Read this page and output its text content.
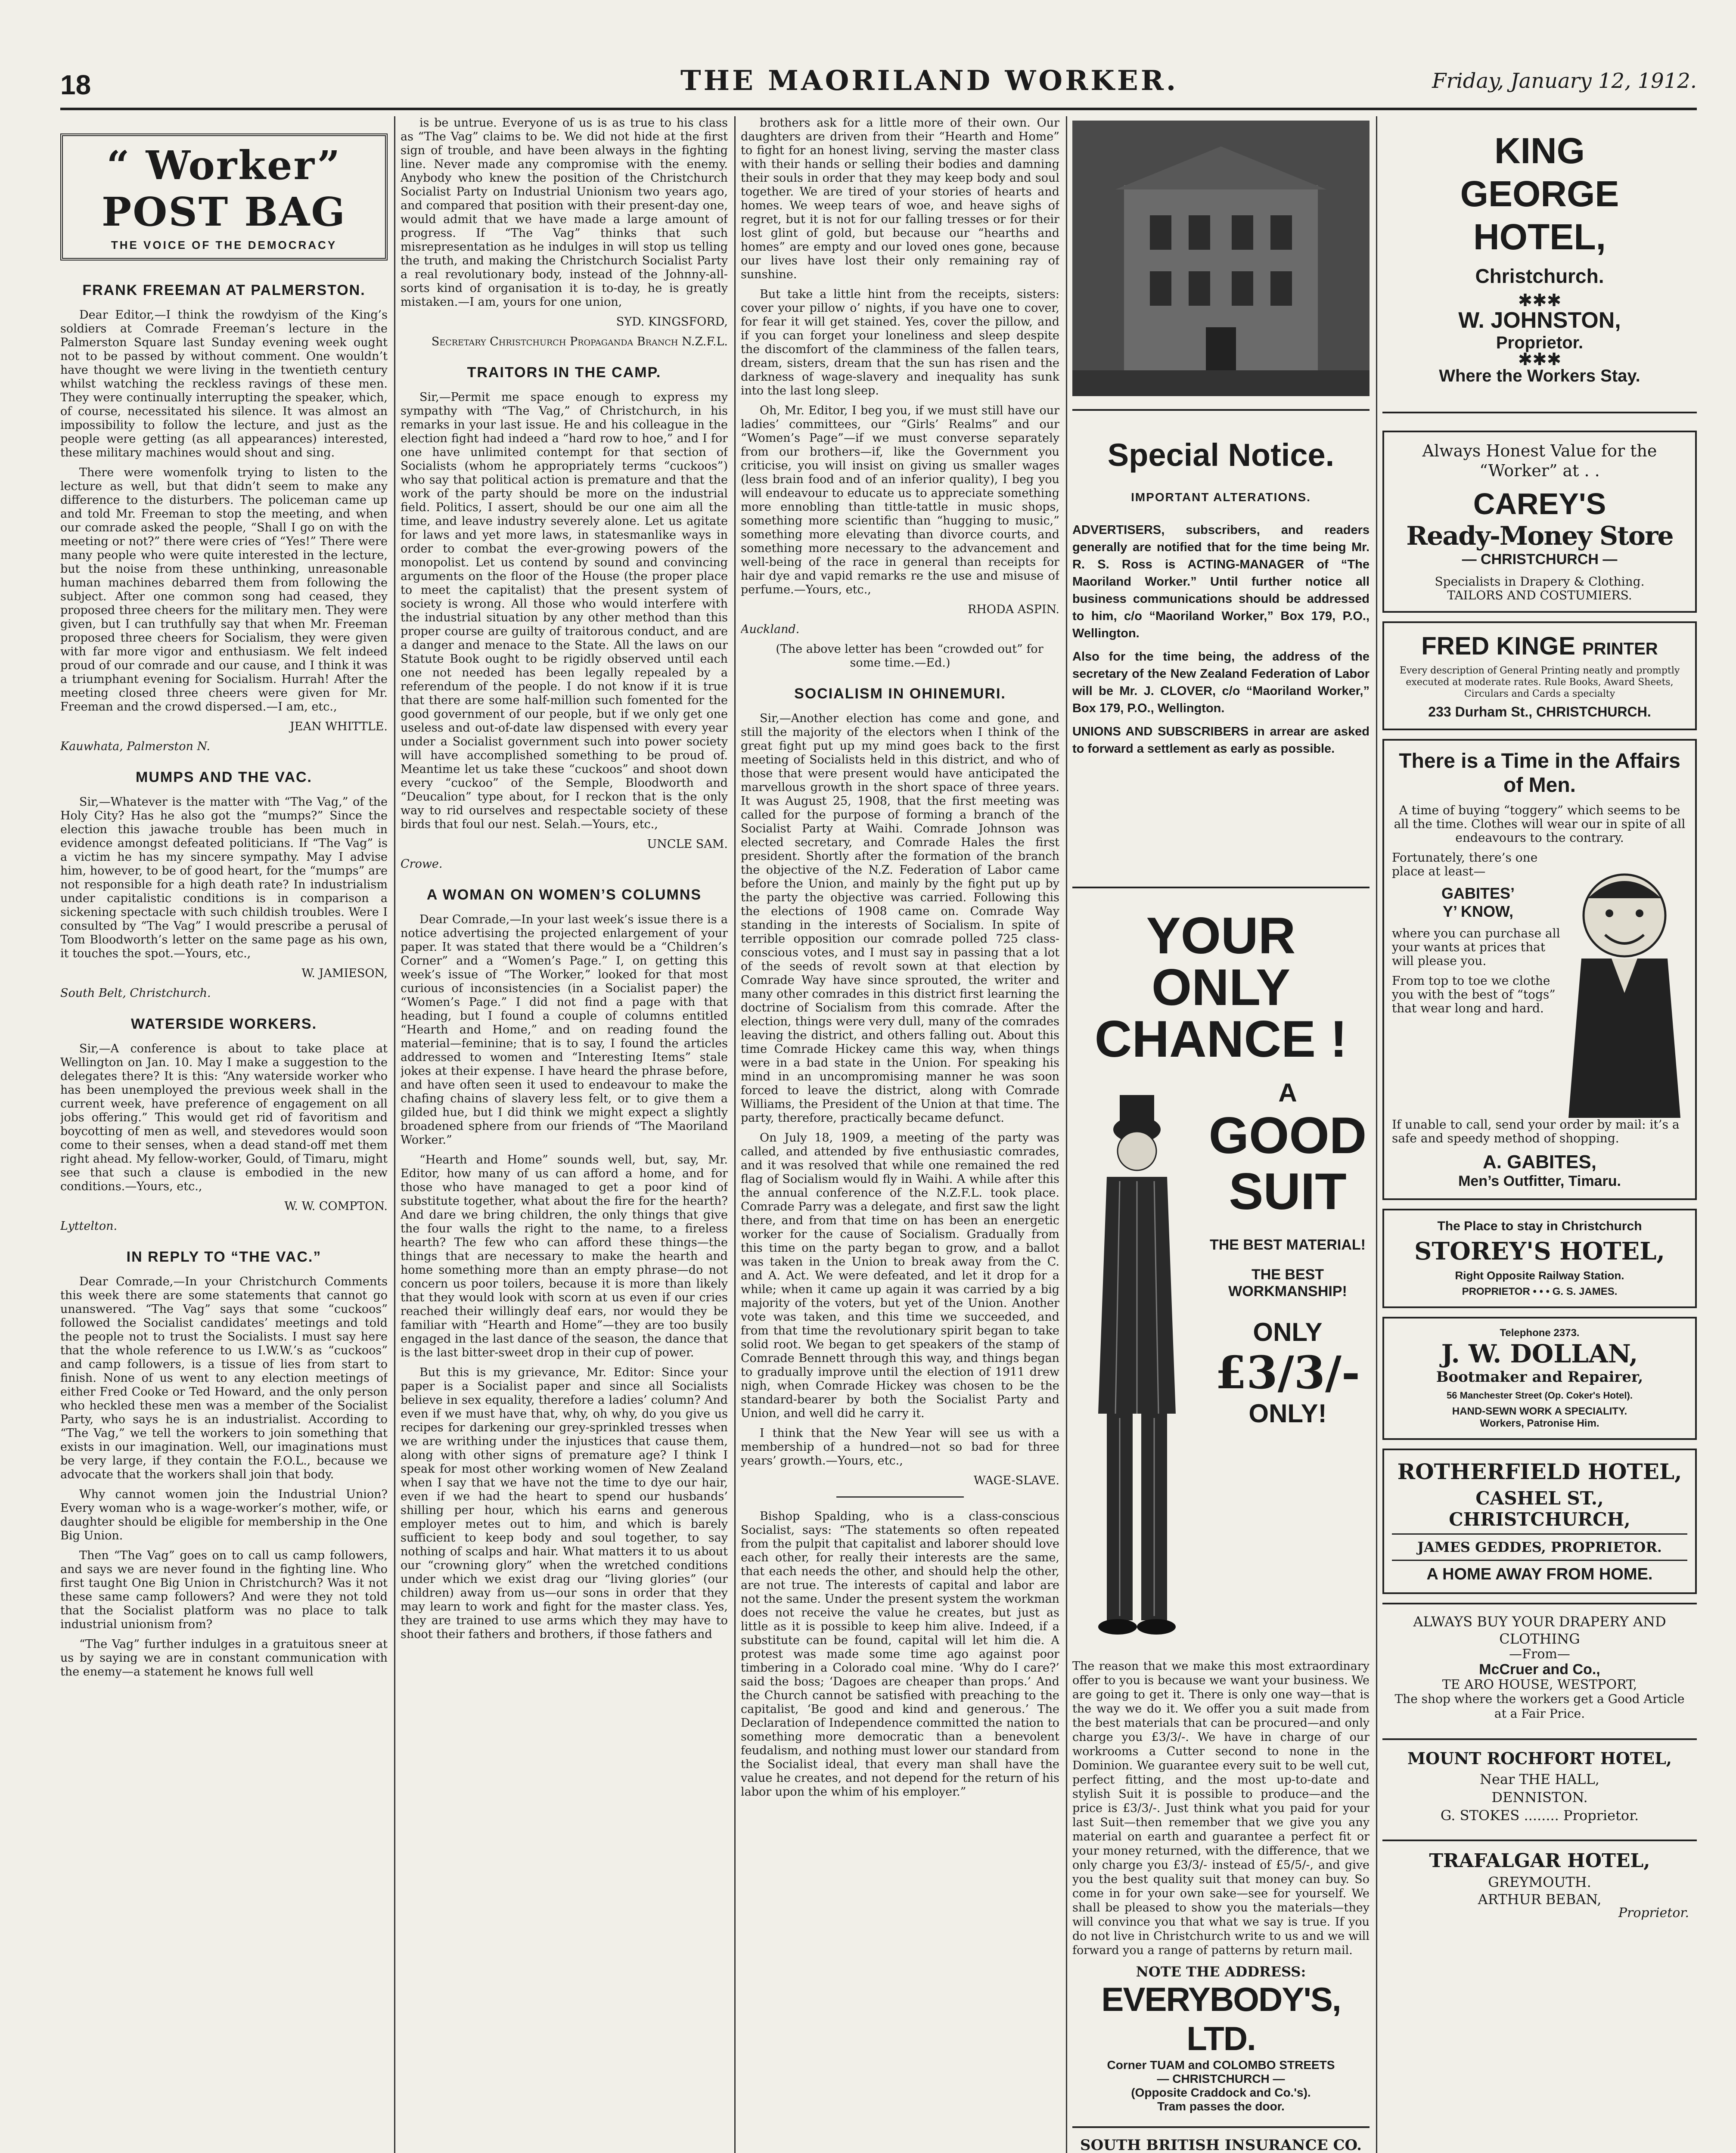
18	THE MAORILAND WORKER.	Friday, January 12, 1912.
“ Worker” POST BAG
THE VOICE OF THE DEMOCRACY
FRANK FREEMAN AT PALMERSTON.

Dear Editor,—I think the rowdyism of the King’s soldiers at Comrade Freeman’s lecture in the Palmerston Square last Sunday evening week ought not to be passed by without comment. One wouldn’t have thought we were living in the twentieth century whilst watching the reckless ravings of these men. They were continually interrupting the speaker, which, of course, necessitated his silence. It was almost an impossibility to follow the lecture, and just as the people were getting (as all appearances) interested, these military machines would shout and sing.

There were womenfolk trying to listen to the lecture as well, but that didn’t seem to make any difference to the disturbers. The policeman came up and told Mr. Freeman to stop the meeting, and when our comrade asked the people, “Shall I go on with the meeting or not?” there were cries of “Yes!” There were many people who were quite interested in the lecture, but the noise from these unthinking, unreasonable human machines debarred them from following the subject. After one common song had ceased, they proposed three cheers for the military men. They were given, but I can truthfully say that when Mr. Freeman proposed three cheers for Socialism, they were given with far more vigor and enthusiasm. We felt indeed proud of our comrade and our cause, and I think it was a triumphant evening for Socialism. Hurrah! After the meeting closed three cheers were given for Mr. Freeman and the crowd dispersed.—I am, etc.,

JEAN WHITTLE.

Kauwhata, Palmerston N.

MUMPS AND THE VAC.

Sir,—Whatever is the matter with “The Vag,” of the Holy City? Has he also got the “mumps?” Since the election this jawache trouble has been much in evidence amongst defeated politicians. If “The Vag” is a victim he has my sincere sympathy. May I advise him, however, to be of good heart, for the “mumps” are not responsible for a high death rate? In industrialism under capitalistic conditions is in comparison a sickening spectacle with such childish troubles. Were I consulted by “The Vag” I would prescribe a perusal of Tom Bloodworth’s letter on the same page as his own, it touches the spot.—Yours, etc.,

W. JAMIESON,

South Belt, Christchurch.

WATERSIDE WORKERS.

Sir,—A conference is about to take place at Wellington on Jan. 10. May I make a suggestion to the delegates there? It is this: “Any waterside worker who has been unemployed the previous week shall in the current week, have preference of engagement on all jobs offering.” This would get rid of favoritism and boycotting of men as well, and stevedores would soon come to their senses, when a dead stand-off met them right ahead. My fellow-worker, Gould, of Timaru, might see that such a clause is embodied in the new conditions.—Yours, etc.,

W. W. COMPTON.

Lyttelton.

IN REPLY TO “THE VAC.”

Dear Comrade,—In your Christchurch Comments this week there are some statements that cannot go unanswered. “The Vag” says that some “cuckoos” followed the Socialist candidates’ meetings and told the people not to trust the Socialists. I must say here that the whole reference to us I.W.W.’s as “cuckoos” and camp followers, is a tissue of lies from start to finish. None of us went to any election meetings of either Fred Cooke or Ted Howard, and the only person who heckled these men was a member of the Socialist Party, who says he is an industrialist. According to “The Vag,” we tell the workers to join something that exists in our imagination. Well, our imaginations must be very large, if they contain the F.O.L., because we advocate that the workers shall join that body.

Why cannot women join the Industrial Union? Every woman who is a wage-worker’s mother, wife, or daughter should be eligible for membership in the One Big Union.

Then “The Vag” goes on to call us camp followers, and says we are never found in the fighting line. Who first taught One Big Union in Christchurch? Was it not these same camp followers? And were they not told that the Socialist platform was no place to talk industrial unionism from?

“The Vag” further indulges in a gratuitous sneer at us by saying we are in constant communication with the enemy—a statement he knows full well

is be untrue. Everyone of us is as true to his class as “The Vag” claims to be. We did not hide at the first sign of trouble, and have been always in the fighting line. Never made any compromise with the enemy. Anybody who knew the position of the Christchurch Socialist Party on Industrial Unionism two years ago, and compared that position with their present-day one, would admit that we have made a large amount of progress. If “The Vag” thinks that such misrepresentation as he indulges in will stop us telling the truth, and making the Christchurch Socialist Party a real revolutionary body, instead of the Johnny-all-sorts kind of organisation it is to-day, he is greatly mistaken.—I am, yours for one union,

SYD. KINGSFORD,

Secretary Christchurch Propaganda Branch N.Z.F.L.

TRAITORS IN THE CAMP.

Sir,—Permit me space enough to express my sympathy with “The Vag,” of Christchurch, in his remarks in your last issue. He and his colleague in the election fight had indeed a “hard row to hoe,” and I for one have unlimited contempt for that section of Socialists (whom he appropriately terms “cuckoos”) who say that political action is premature and that the work of the party should be more on the industrial field. Politics, I assert, should be our one aim all the time, and leave industry severely alone. Let us agitate for laws and yet more laws, in statesmanlike ways in order to combat the ever-growing powers of the monopolist. Let us contend by sound and convincing arguments on the floor of the House (the proper place to meet the capitalist) that the present system of society is wrong. All those who would interfere with the industrial situation by any other method than this proper course are guilty of traitorous conduct, and are a danger and menace to the State. All the laws on our Statute Book ought to be rigidly observed until each one not needed has been legally repealed by a referendum of the people. I do not know if it is true that there are some half-million such fomented for the good government of our people, but if we only get one useless and out-of-date law dispensed with every year under a Socialist government such into power society will have accomplished something to be proud of. Meantime let us take these “cuckoos” and shoot down every “cuckoo” of the Semple, Bloodworth and “Deucalion” type about, for I reckon that is the only way to rid ourselves and respectable society of these birds that foul our nest. Selah.—Yours, etc.,

UNCLE SAM.

Crowe.

A WOMAN ON WOMEN’S COLUMNS

Dear Comrade,—In your last week’s issue there is a notice advertising the projected enlargement of your paper. It was stated that there would be a “Children’s Corner” and a “Women’s Page.” I, on getting this week’s issue of “The Worker,” looked for that most curious of inconsistencies (in a Socialist paper) the “Women’s Page.” I did not find a page with that heading, but I found a couple of columns entitled “Hearth and Home,” and on reading found the material—feminine; that is to say, I found the articles addressed to women and “Interesting Items” stale jokes at their expense. I have heard the phrase before, and have often seen it used to endeavour to make the chafing chains of slavery less felt, or to give them a gilded hue, but I did think we might expect a slightly broadened sphere from our friends of “The Maoriland Worker.”

“Hearth and Home” sounds well, but, say, Mr. Editor, how many of us can afford a home, and for those who have managed to get a poor kind of substitute together, what about the fire for the hearth? And dare we bring children, the only things that give the four walls the right to the name, to a fireless hearth? The few who can afford these things—the things that are necessary to make the hearth and home something more than an empty phrase—do not concern us poor toilers, because it is more than likely that they would look with scorn at us even if our cries reached their willingly deaf ears, nor would they be familiar with “Hearth and Home”—they are too busily engaged in the last dance of the season, the dance that is the last bitter-sweet drop in their cup of power.

But this is my grievance, Mr. Editor: Since your paper is a Socialist paper and since all Socialists believe in sex equality, therefore a ladies’ column? And even if we must have that, why, oh why, do you give us recipes for darkening our grey-sprinkled tresses when we are writhing under the injustices that cause them, along with other signs of premature age? I think I speak for most other working women of New Zealand when I say that we have not the time to dye our hair, even if we had the heart to spend our husbands’ shilling per hour, which his earns and generous employer metes out to him, and which is barely sufficient to keep body and soul together, to say nothing of scalps and hair. What matters it to us about our “crowning glory” when the wretched conditions under which we exist drag our “living glories” (our children) away from us—our sons in order that they may learn to work and fight for the master class. Yes, they are trained to use arms which they may have to shoot their fathers and brothers, if those fathers and

brothers ask for a little more of their own. Our daughters are driven from their “Hearth and Home” to fight for an honest living, serving the master class with their hands or selling their bodies and damning their souls in order that they may keep body and soul together. We are tired of your stories of hearts and homes. We weep tears of woe, and heave sighs of regret, but it is not for our falling tresses or for their lost glint of gold, but because our “hearths and homes” are empty and our loved ones gone, because our lives have lost their only remaining ray of sunshine.

But take a little hint from the receipts, sisters: cover your pillow o’ nights, if you have one to cover, for fear it will get stained. Yes, cover the pillow, and if you can forget your loneliness and sleep despite the discomfort of the clamminess of the fallen tears, dream, sisters, dream that the sun has risen and the darkness of wage-slavery and inequality has sunk into the last long sleep.

Oh, Mr. Editor, I beg you, if we must still have our ladies’ committees, our “Girls’ Realms” and our “Women’s Page”—if we must converse separately from our brothers—if, like the Government you criticise, you will insist on giving us smaller wages (less brain food and of an inferior quality), I beg you will endeavour to educate us to appreciate something more ennobling than tittle-tattle in music shops, something more scientific than “hugging to music,” something more elevating than divorce courts, and something more necessary to the advancement and well-being of the race in general than receipts for hair dye and vapid remarks re the use and misuse of perfume.—Yours, etc.,

RHODA ASPIN.

Auckland.

(The above letter has been “crowded out” for some time.—Ed.)

SOCIALISM IN OHINEMURI.

Sir,—Another election has come and gone, and still the majority of the electors when I think of the great fight put up my mind goes back to the first meeting of Socialists held in this district, and who of those that were present would have anticipated the marvellous growth in the short space of three years. It was August 25, 1908, that the first meeting was called for the purpose of forming a branch of the Socialist Party at Waihi. Comrade Johnson was elected secretary, and Comrade Hales the first president. Shortly after the formation of the branch the objective of the N.Z. Federation of Labor came before the Union, and mainly by the fight put up by the party the objective was carried. Following this the elections of 1908 came on. Comrade Way standing in the interests of Socialism. In spite of terrible opposition our comrade polled 725 class-conscious votes, and I must say in passing that a lot of the seeds of revolt sown at that election by Comrade Way have since sprouted, the writer and many other comrades in this district first learning the doctrine of Socialism from this comrade. After the election, things were very dull, many of the comrades leaving the district, and others falling out. About this time Comrade Hickey came this way, when things were in a bad state in the Union. For speaking his mind in an uncompromising manner he was soon forced to leave the district, along with Comrade Williams, the President of the Union at that time. The party, therefore, practically became defunct.

On July 18, 1909, a meeting of the party was called, and attended by five enthusiastic comrades, and it was resolved that while one remained the red flag of Socialism would fly in Waihi. A while after this the annual conference of the N.Z.F.L. took place. Comrade Parry was a delegate, and first saw the light there, and from that time on has been an energetic worker for the cause of Socialism. Gradually from this time on the party began to grow, and a ballot was taken in the Union to break away from the C. and A. Act. We were defeated, and let it drop for a while; when it came up again it was carried by a big majority of the voters, but yet of the Union. Another vote was taken, and this time we succeeded, and from that time the revolutionary spirit began to take solid root. We began to get speakers of the stamp of Comrade Bennett through this way, and things began to gradually improve until the election of 1911 drew nigh, when Comrade Hickey was chosen to be the standard-bearer by both the Socialist Party and Union, and well did he carry it.

I think that the New Year will see us with a membership of a hundred—not so bad for three years’ growth.—Yours, etc.,

WAGE-SLAVE.

Bishop Spalding, who is a class-conscious Socialist, says: “The statements so often repeated from the pulpit that capitalist and laborer should love each other, for really their interests are the same, that each needs the other, and should help the other, are not true. The interests of capital and labor are not the same. Under the present system the workman does not receive the value he creates, but just as little as it is possible to keep him alive. Indeed, if a substitute can be found, capital will let him die. A protest was made some time ago against poor timbering in a Colorado coal mine. ‘Why do I care?’ said the boss; ‘Dagoes are cheaper than props.’ And the Church cannot be satisfied with preaching to the capitalist, ‘Be good and kind and generous.’ The Declaration of Independence committed the nation to something more democratic than a benevolent feudalism, and nothing must lower our standard from the Socialist ideal, that every man shall have the value he creates, and not depend for the return of his labor upon the whim of his employer.”

Special Notice.
IMPORTANT ALTERATIONS.

ADVERTISERS, subscribers, and readers generally are notified that for the time being Mr. R. S. Ross is ACTING-MANAGER of “The Maoriland Worker.” Until further notice all business communications should be addressed to him, c/o “Maoriland Worker,” Box 179, P.O., Wellington.

Also for the time being, the address of the secretary of the New Zealand Federation of Labor will be Mr. J. CLOVER, c/o “Maoriland Worker,” Box 179, P.O., Wellington.

UNIONS AND SUBSCRIBERS in arrear are asked to forward a settlement as early as possible.

YOUR ONLY
CHANCE !
A
GOOD
SUIT
THE BEST MATERIAL!
THE BEST WORKMANSHIP!
ONLY
£3/3/-
ONLY!

The reason that we make this most extraordinary offer to you is because we want your business. We are going to get it. There is only one way—that is the way we do it. We offer you a suit made from the best materials that can be procured—and only charge you £3/3/-. We have in charge of our workrooms a Cutter second to none in the Dominion. We guarantee every suit to be well cut, perfect fitting, and the most up-to-date and stylish Suit it is possible to produce—and the price is £3/3/-. Just think what you paid for your last Suit—then remember that we give you any material on earth and guarantee a perfect fit or your money returned, with the difference, that we only charge you £3/3/- instead of £5/5/-, and give you the best quality suit that money can buy. So come in for your own sake—see for yourself. We shall be pleased to show you the materials—they will convince you that what we say is true. If you do not live in Christchurch write to us and we will forward you a range of patterns by return mail.

NOTE THE ADDRESS:
EVERYBODY'S, LTD.
Corner TUAM and COLOMBO STREETS
— CHRISTCHURCH —
(Opposite Craddock and Co.'s).
Tram passes the door.
SOUTH BRITISH INSURANCE CO.
KING
GEORGE
HOTEL,
Christchurch.
✱✱✱
W. JOHNSTON,
Proprietor.
✱✱✱
Where the Workers Stay.
Always Honest Value for the “Worker” at . .
CAREY'S
Ready-Money Store
— CHRISTCHURCH —
Specialists in Drapery & Clothing.
TAILORS AND COSTUMIERS.
FRED KINGE PRINTER
Every description of General Printing neatly and promptly executed at moderate rates. Rule Books, Award Sheets, Circulars and Cards a specialty
233 Durham St., CHRISTCHURCH.
There is a Time in the Affairs of Men.

A time of buying “toggery” which seems to be all the time. Clothes will wear our in spite of all endeavours to the contrary.

Fortunately, there’s one place at least—

GABITES’
Y’ KNOW,

where you can purchase all your wants at prices that will please you.

From top to toe we clothe you with the best of “togs” that wear long and hard.

If unable to call, send your order by mail: it’s a safe and speedy method of shopping.

A. GABITES,
Men’s Outfitter, Timaru.
The Place to stay in Christchurch
STOREY'S HOTEL,
Right Opposite Railway Station.
PROPRIETOR • • • G. S. JAMES.
Telephone 2373.
J. W. DOLLAN,
Bootmaker and Repairer,
56 Manchester Street (Op. Coker's Hotel).
HAND-SEWN WORK A SPECIALITY.
Workers, Patronise Him.
ROTHERFIELD HOTEL,
CASHEL ST., CHRISTCHURCH,
JAMES GEDDES, PROPRIETOR.
A HOME AWAY FROM HOME.
ALWAYS BUY YOUR DRAPERY AND CLOTHING
—From—
McCruer and Co.,
TE ARO HOUSE, WESTPORT,
The shop where the workers get a Good Article at a Fair Price.
MOUNT ROCHFORT HOTEL,
Near THE HALL,
DENNISTON.
G. STOKES ........ Proprietor.
TRAFALGAR HOTEL,
GREYMOUTH.
ARTHUR BEBAN,
Proprietor.
